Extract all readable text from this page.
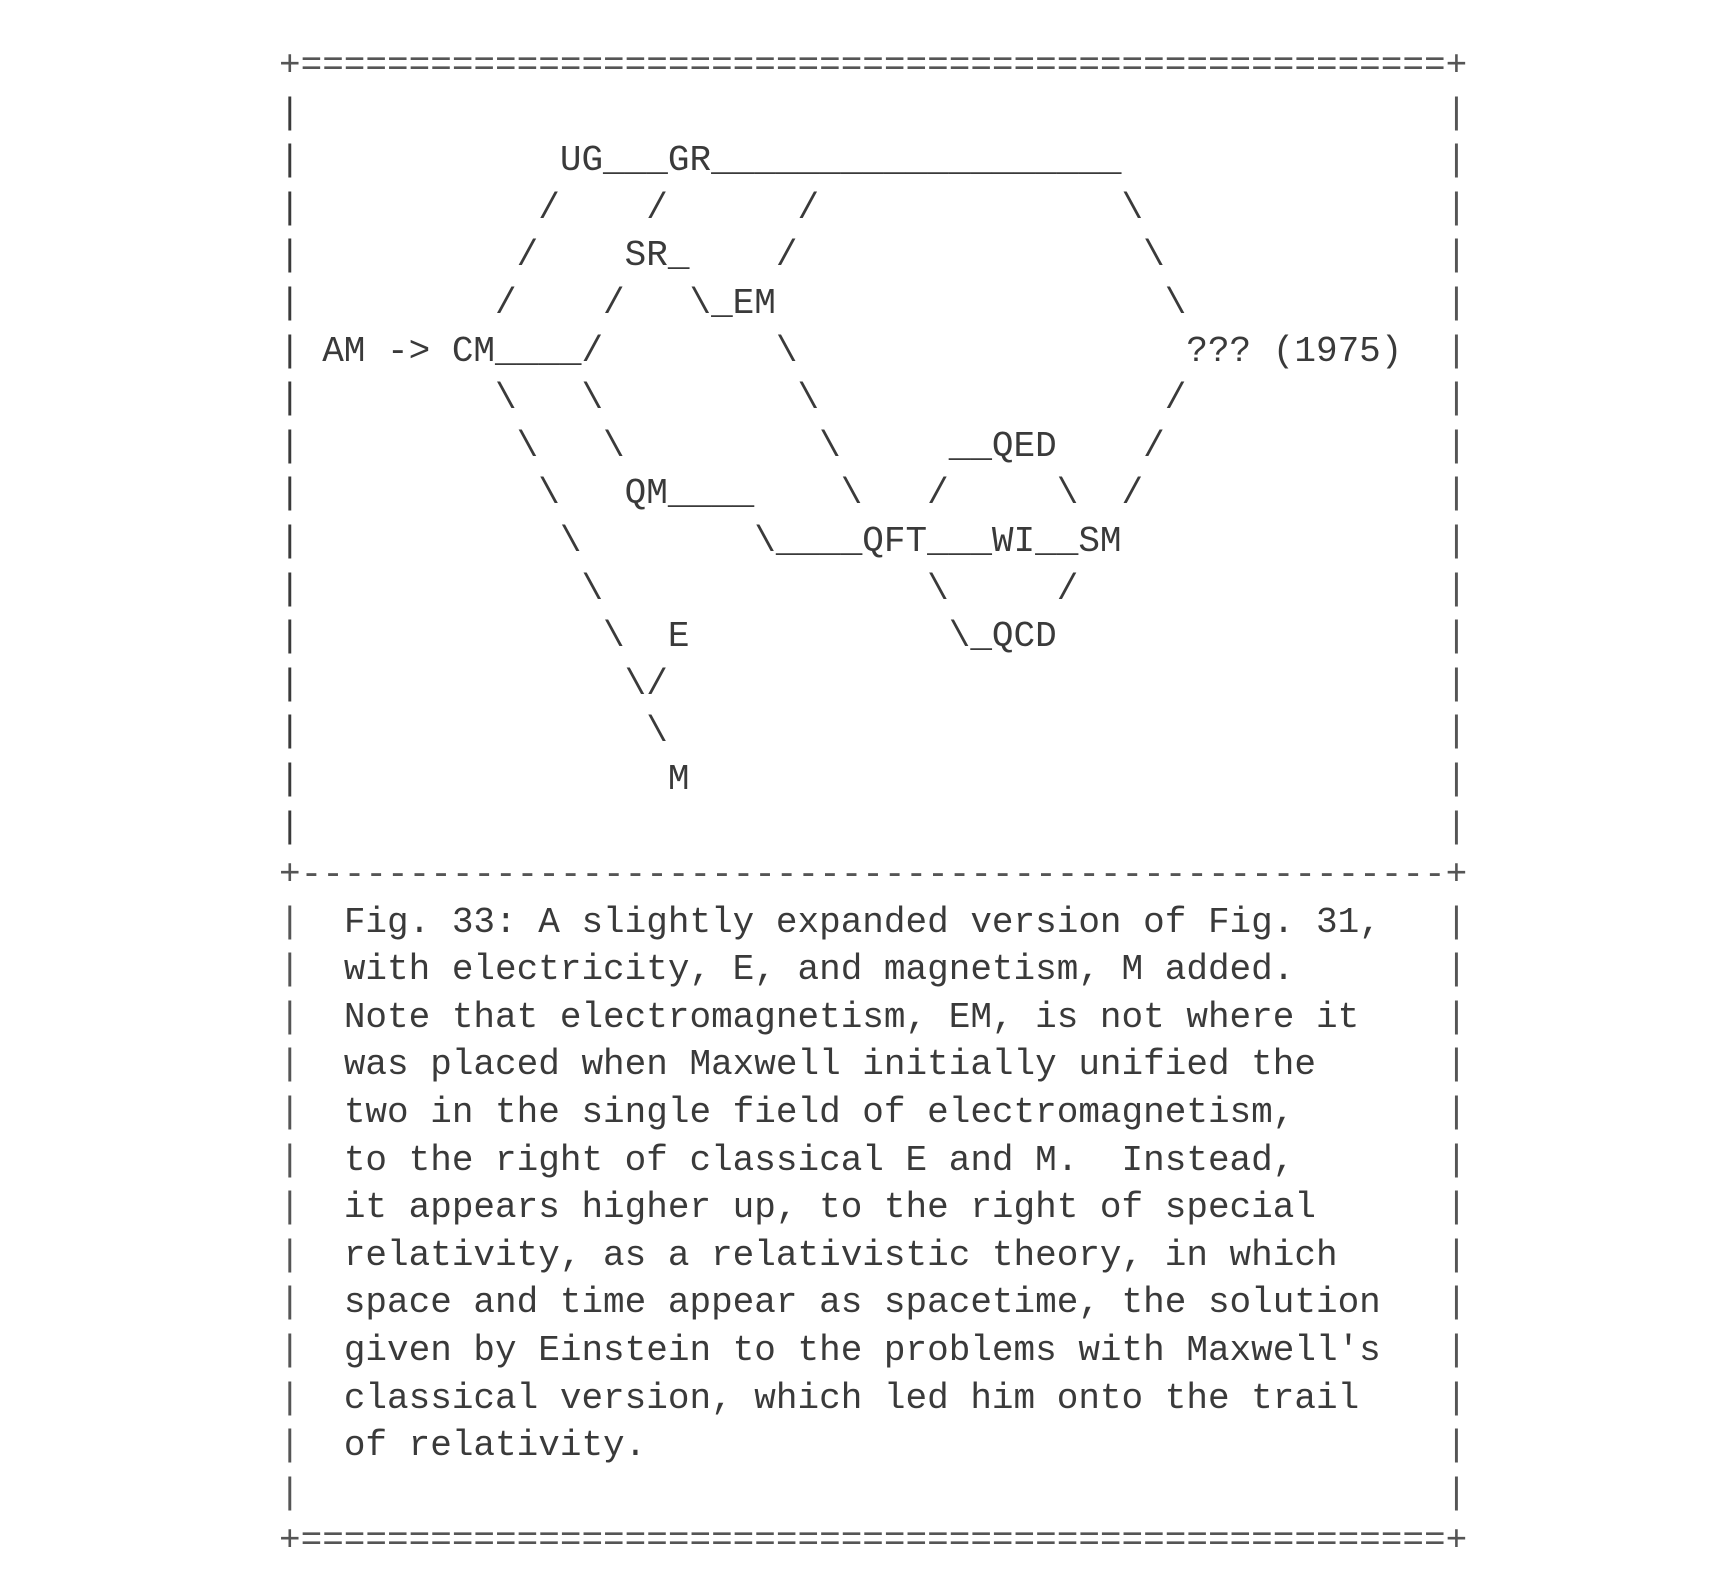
+=====================================================+
|                                                     |
|            UG___GR___________________               |
|           /    /      /              \              |
|          /    SR_    /                \             |
|         /    /   \_EM                  \            |
| AM -> CM____/        \                  ??? (1975)  |
|         \   \         \                /            |
|          \   \         \     __QED    /             |
|           \   QM____    \   /     \  /              |
|            \        \____QFT___WI__SM               |
|             \               \     /                 |
|              \  E            \_QCD                  |
|               \/                                    |
|                \                                    |
|                 M                                   |
|                                                     |
+-----------------------------------------------------+
|  Fig. 33: A slightly expanded version of Fig. 31,   |
|  with electricity, E, and magnetism, M added.       |
|  Note that electromagnetism, EM, is not where it    |
|  was placed when Maxwell initially unified the      |
|  two in the single field of electromagnetism,       |
|  to the right of classical E and M.  Instead,       |
|  it appears higher up, to the right of special      |
|  relativity, as a relativistic theory, in which     |
|  space and time appear as spacetime, the solution   |
|  given by Einstein to the problems with Maxwell's   |
|  classical version, which led him onto the trail    |
|  of relativity.                                     |
|                                                     |
+=====================================================+
